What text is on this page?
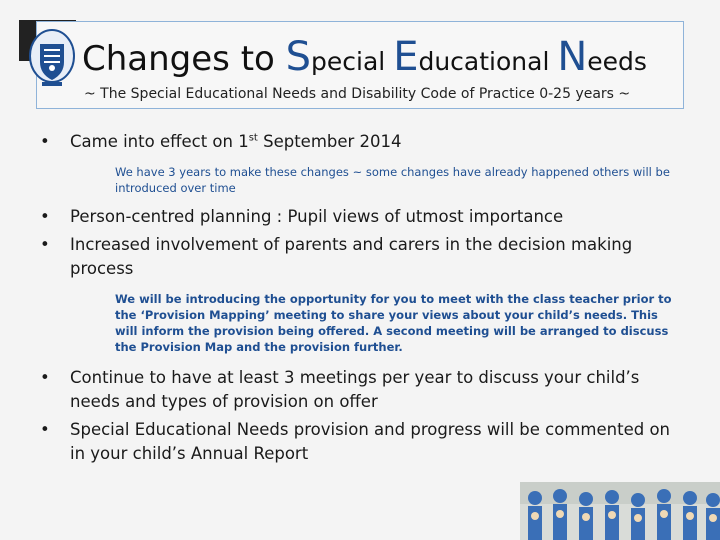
Changes to Special Educational Needs
~ The Special Educational Needs and Disability Code of Practice 0-25 years ~
• Came into effect on 1st September 2014
We have 3 years to make these changes ~ some changes have already happened others will be introduced over time
• Person-centred planning : Pupil views of utmost importance
• Increased involvement of parents and carers in the decision making process
We will be introducing the opportunity for you to meet with the class teacher prior to the ‘Provision Mapping’ meeting to share your views about your child’s needs. This will inform the provision being offered. A second meeting will be arranged to discuss the Provision Map and the provision further.
• Continue to have at least 3 meetings per year to discuss your child’s needs and types of provision on offer
• Special Educational Needs provision and progress will be commented on in your child’s Annual Report
